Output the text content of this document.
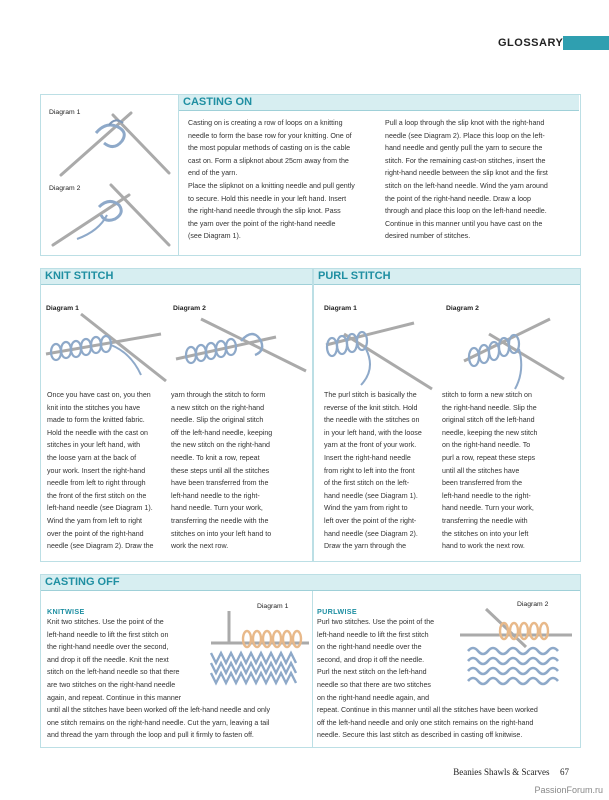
GLOSSARY
Diagram 1
Diagram 2
CASTING ON
Casting on is creating a row of loops on a knitting
needle to form the base row for your knitting. One of
the most popular methods of casting on is the cable
cast on. Form a slipknot about 25cm away from the
end of the yarn.
Place the slipknot on a knitting needle and pull gently
to secure. Hold this needle in your left hand. Insert
the right-hand needle through the slip knot. Pass
the yarn over the point of the right-hand needle
(see Diagram 1).
Pull a loop through the slip knot with the right-hand
needle (see Diagram 2). Place this loop on the left-
hand needle and gently pull the yarn to secure the
stitch. For the remaining cast-on stitches, insert the
right-hand needle between the slip knot and the first
stitch on the left-hand needle. Wind the yarn around
the point of the right-hand needle. Draw a loop
through and place this loop on the left-hand needle.
Continue in this manner until you have cast on the
desired number of stitches.
KNIT STITCH
Diagram 1	Diagram 2
Once you have cast on, you then
knit into the stitches you have
made to form the knitted fabric.
Hold the needle with the cast on
stitches in your left hand, with
the loose yarn at the back of
your work. Insert the right-hand
needle from left to right through
the front of the first stitch on the
left-hand needle (see Diagram 1).
Wind the yarn from left to right
over the point of the right-hand
needle (see Diagram 2). Draw the
yarn through the stitch to form
a new stitch on the right-hand
needle. Slip the original stitch
off the left-hand needle, keeping
the new stitch on the right-hand
needle. To knit a row, repeat
these steps until all the stitches
have been transferred from the
left-hand needle to the right-
hand needle. Turn your work,
transferring the needle with the
stitches on into your left hand to
work the next row.
PURL STITCH
Diagram 1	Diagram 2
The purl stitch is basically the
reverse of the knit stitch. Hold
the needle with the stitches on
in your left hand, with the loose
yarn at the front of your work.
Insert the right-hand needle
from right to left into the front
of the first stitch on the left-
hand needle (see Diagram 1).
Wind the yarn from right to
left over the point of the right-
hand needle (see Diagram 2).
Draw the yarn through the
stitch to form a new stitch on
the right-hand needle. Slip the
original stitch off the left-hand
needle, keeping the new stitch
on the right-hand needle. To
purl a row, repeat these steps
until all the stitches have
been transferred from the
left-hand needle to the right-
hand needle. Turn your work,
transferring the needle with
the stitches on into your left
hand to work the next row.
CASTING OFF
KNITWISE
Diagram 1
Knit two stitches. Use the point of the
left-hand needle to lift the first stitch on
the right-hand needle over the second,
and drop it off the needle. Knit the next
stitch on the left-hand needle so that there
are two stitches on the right-hand needle
again, and repeat. Continue in this manner
until all the stitches have been worked off the left-hand needle and only
one stitch remains on the right-hand needle. Cut the yarn, leaving a tail
and thread the yarn through the loop and pull it firmly to fasten off.
PURLWISE
Diagram 2
Purl two stitches. Use the point of the
left-hand needle to lift the first stitch
on the right-hand needle over the
second, and drop it off the needle.
Purl the next stitch on the left-hand
needle so that there are two stitches
on the right-hand needle again, and
repeat. Continue in this manner until all the stitches have been worked
off the left-hand needle and only one stitch remains on the right-hand
needle. Secure this last stitch as described in casting off knitwise.
Beanies Shawls & Scarves 67
PassionForum.ru
